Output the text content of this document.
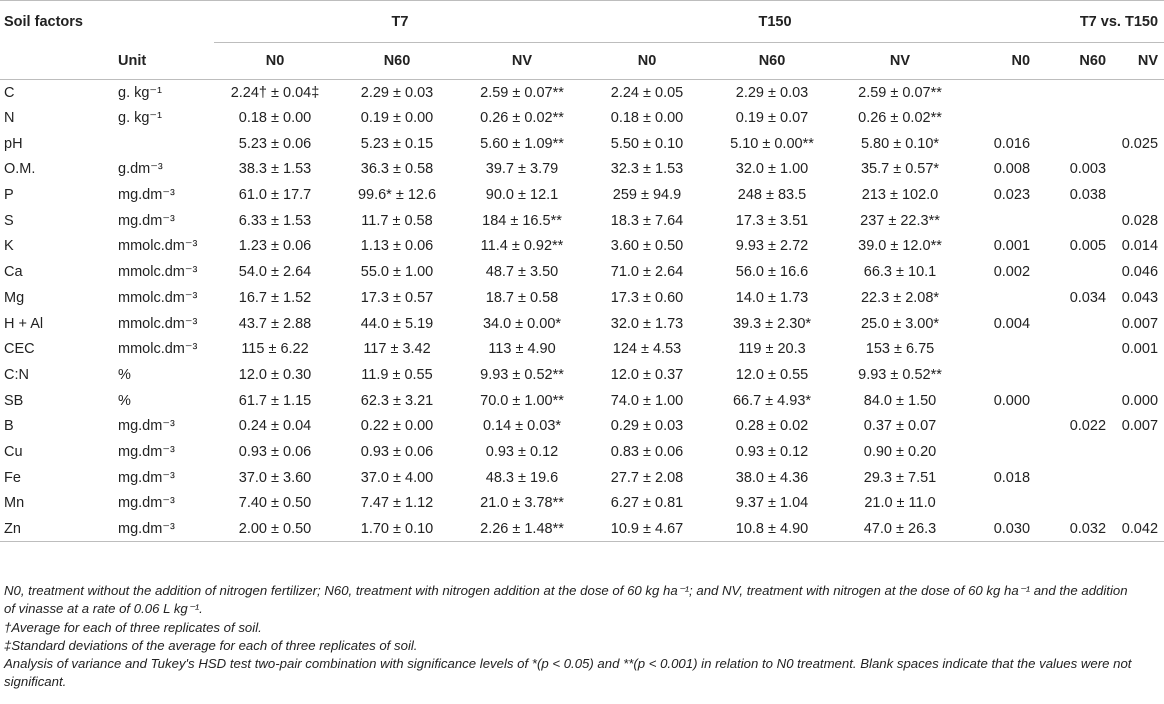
Soil factors		T7			T150			T7 vs. T150		
	Unit	N0	N60	NV	N0	N60	NV	N0	N60	NV
C	g. kg⁻¹	2.24† ± 0.04‡	2.29 ± 0.03	2.59 ± 0.07**	2.24 ± 0.05	2.29 ± 0.03	2.59 ± 0.07**			
N	g. kg⁻¹	0.18 ± 0.00	0.19 ± 0.00	0.26 ± 0.02**	0.18 ± 0.00	0.19 ± 0.07	0.26 ± 0.02**			
pH		5.23 ± 0.06	5.23 ± 0.15	5.60 ± 1.09**	5.50 ± 0.10	5.10 ± 0.00**	5.80 ± 0.10*	0.016		0.025
O.M.	g.dm⁻³	38.3 ± 1.53	36.3 ± 0.58	39.7 ± 3.79	32.3 ± 1.53	32.0 ± 1.00	35.7 ± 0.57*	0.008	0.003	
P	mg.dm⁻³	61.0 ± 17.7	99.6* ± 12.6	90.0 ± 12.1	259 ± 94.9	248 ± 83.5	213 ± 102.0	0.023	0.038	
S	mg.dm⁻³	6.33 ± 1.53	11.7 ± 0.58	184 ± 16.5**	18.3 ± 7.64	17.3 ± 3.51	237 ± 22.3**			0.028
K	mmolc.dm⁻³	1.23 ± 0.06	1.13 ± 0.06	11.4 ± 0.92**	3.60 ± 0.50	9.93 ± 2.72	39.0 ± 12.0**	0.001	0.005	0.014
Ca	mmolc.dm⁻³	54.0 ± 2.64	55.0 ± 1.00	48.7 ± 3.50	71.0 ± 2.64	56.0 ± 16.6	66.3 ± 10.1	0.002		0.046
Mg	mmolc.dm⁻³	16.7 ± 1.52	17.3 ± 0.57	18.7 ± 0.58	17.3 ± 0.60	14.0 ± 1.73	22.3 ± 2.08*		0.034	0.043
H + Al	mmolc.dm⁻³	43.7 ± 2.88	44.0 ± 5.19	34.0 ± 0.00*	32.0 ± 1.73	39.3 ± 2.30*	25.0 ± 3.00*	0.004		0.007
CEC	mmolc.dm⁻³	115 ± 6.22	117 ± 3.42	113 ± 4.90	124 ± 4.53	119 ± 20.3	153 ± 6.75			0.001
C:N	%	12.0 ± 0.30	11.9 ± 0.55	9.93 ± 0.52**	12.0 ± 0.37	12.0 ± 0.55	9.93 ± 0.52**			
SB	%	61.7 ± 1.15	62.3 ± 3.21	70.0 ± 1.00**	74.0 ± 1.00	66.7 ± 4.93*	84.0 ± 1.50	0.000		0.000
B	mg.dm⁻³	0.24 ± 0.04	0.22 ± 0.00	0.14 ± 0.03*	0.29 ± 0.03	0.28 ± 0.02	0.37 ± 0.07		0.022	0.007
Cu	mg.dm⁻³	0.93 ± 0.06	0.93 ± 0.06	0.93 ± 0.12	0.83 ± 0.06	0.93 ± 0.12	0.90 ± 0.20			
Fe	mg.dm⁻³	37.0 ± 3.60	37.0 ± 4.00	48.3 ± 19.6	27.7 ± 2.08	38.0 ± 4.36	29.3 ± 7.51	0.018		
Mn	mg.dm⁻³	7.40 ± 0.50	7.47 ± 1.12	21.0 ± 3.78**	6.27 ± 0.81	9.37 ± 1.04	21.0 ± 11.0			
Zn	mg.dm⁻³	2.00 ± 0.50	1.70 ± 0.10	2.26 ± 1.48**	10.9 ± 4.67	10.8 ± 4.90	47.0 ± 26.3	0.030	0.032	0.042
N0, treatment without the addition of nitrogen fertilizer; N60, treatment with nitrogen addition at the dose of 60 kg ha⁻¹; and NV, treatment with nitrogen at the dose of 60 kg ha⁻¹ and the addition of vinasse at a rate of 0.06 L kg⁻¹.
†Average for each of three replicates of soil.
‡Standard deviations of the average for each of three replicates of soil.
Analysis of variance and Tukey's HSD test two-pair combination with significance levels of *(p < 0.05) and **(p < 0.001) in relation to N0 treatment. Blank spaces indicate that the values were not significant.
